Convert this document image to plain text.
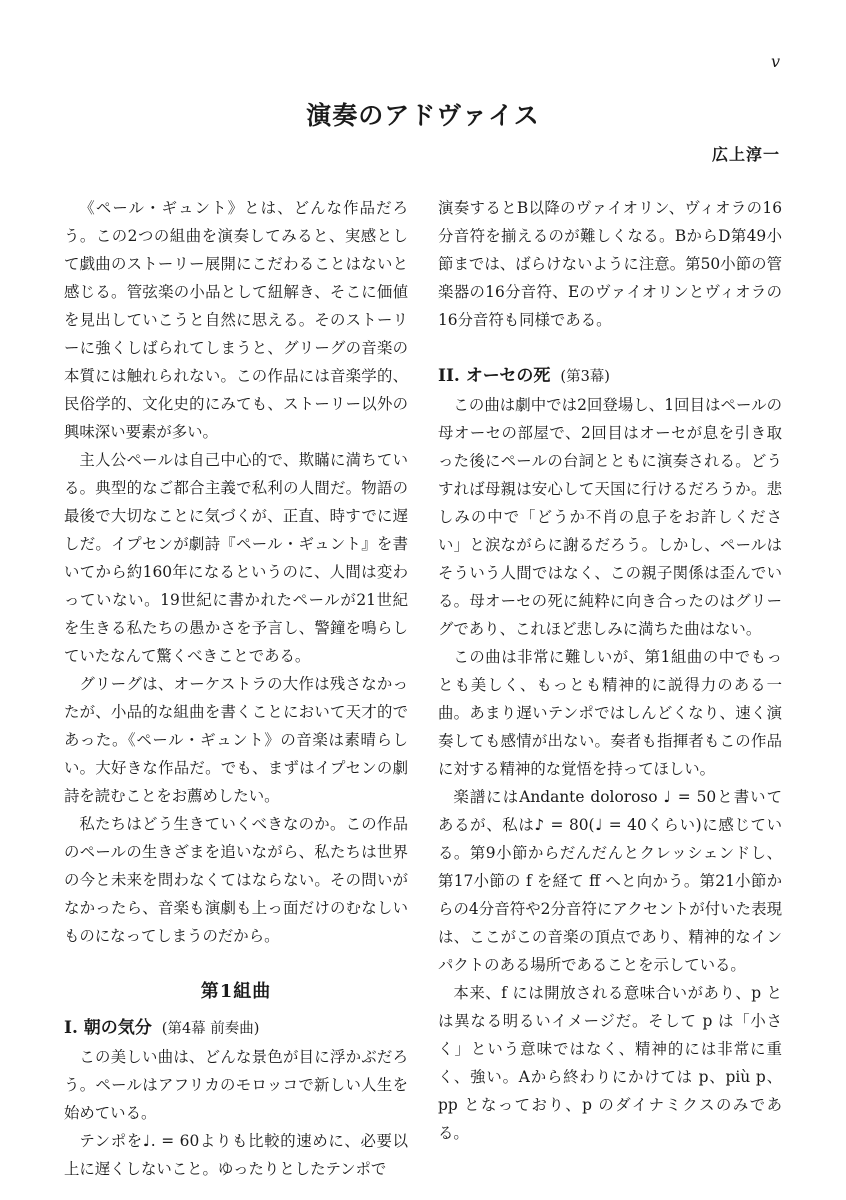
v
演奏のアドヴァイス
広上淳一

《ペール・ギュント》とは、どんな作品だろう。この2つの組曲を演奏してみると、実感として戯曲のストーリー展開にこだわることはないと感じる。管弦楽の小品として紐解き、そこに価値を見出していこうと自然に思える。そのストーリーに強くしばられてしまうと、グリーグの音楽の本質には触れられない。この作品には音楽学的、民俗学的、文化史的にみても、ストーリー以外の興味深い要素が多い。

主人公ペールは自己中心的で、欺瞞に満ちている。典型的なご都合主義で私利の人間だ。物語の最後で大切なことに気づくが、正直、時すでに遅しだ。イプセンが劇詩『ペール・ギュント』を書いてから約160年になるというのに、人間は変わっていない。19世紀に書かれたペールが21世紀を生きる私たちの愚かさを予言し、警鐘を鳴らしていたなんて驚くべきことである。

グリーグは、オーケストラの大作は残さなかったが、小品的な組曲を書くことにおいて天才的であった。《ペール・ギュント》の音楽は素晴らしい。大好きな作品だ。でも、まずはイプセンの劇詩を読むことをお薦めしたい。

私たちはどう生きていくべきなのか。この作品のペールの生きざまを追いながら、私たちは世界の今と未来を問わなくてはならない。その問いがなかったら、音楽も演劇も上っ面だけのむなしいものになってしまうのだから。

第1組曲
I. 朝の気分 (第4幕 前奏曲)

この美しい曲は、どんな景色が目に浮かぶだろう。ペールはアフリカのモロッコで新しい人生を始めている。

テンポを♩. = 60よりも比較的速めに、必要以上に遅くしないこと。ゆったりとしたテンポで

演奏するとB以降のヴァイオリン、ヴィオラの16分音符を揃えるのが難しくなる。BからD第49小節までは、ばらけないように注意。第50小節の管楽器の16分音符、Eのヴァイオリンとヴィオラの16分音符も同様である。

II. オーセの死 (第3幕)

この曲は劇中では2回登場し、1回目はペールの母オーセの部屋で、2回目はオーセが息を引き取った後にペールの台詞とともに演奏される。どうすれば母親は安心して天国に行けるだろうか。悲しみの中で「どうか不肖の息子をお許しください」と涙ながらに謝るだろう。しかし、ペールはそういう人間ではなく、この親子関係は歪んでいる。母オーセの死に純粋に向き合ったのはグリーグであり、これほど悲しみに満ちた曲はない。

この曲は非常に難しいが、第1組曲の中でもっとも美しく、もっとも精神的に説得力のある一曲。あまり遅いテンポではしんどくなり、速く演奏しても感情が出ない。奏者も指揮者もこの作品に対する精神的な覚悟を持ってほしい。

楽譜にはAndante doloroso ♩ = 50と書いてあるが、私は♪ = 80(♩ = 40くらい)に感じている。第9小節からだんだんとクレッシェンドし、第17小節の f を経て ff へと向かう。第21小節からの4分音符や2分音符にアクセントが付いた表現は、ここがこの音楽の頂点であり、精神的なインパクトのある場所であることを示している。

本来、f には開放される意味合いがあり、p とは異なる明るいイメージだ。そして p は「小さく」という意味ではなく、精神的には非常に重く、強い。Aから終わりにかけては p、più p、pp となっており、p のダイナミクスのみである。
